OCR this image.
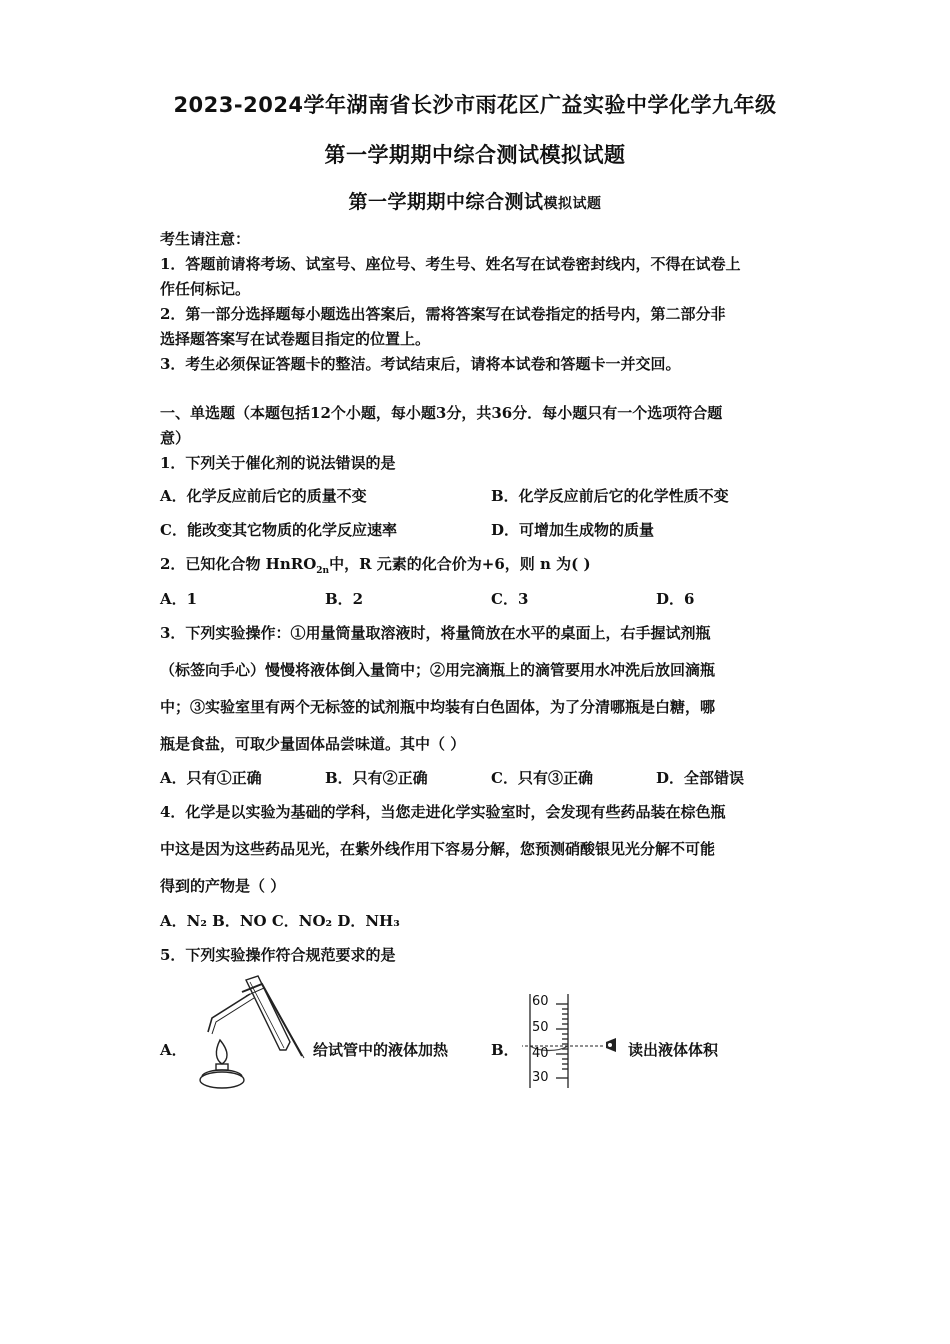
2023-2024学年湖南省长沙市雨花区广益实验中学化学九年级
第一学期期中综合测试模拟试题
第一学期期中综合测试模拟试题
考生请注意：
1．答题前请将考场、试室号、座位号、考生号、姓名写在试卷密封线内，不得在试卷上
作任何标记。
2．第一部分选择题每小题选出答案后，需将答案写在试卷指定的括号内，第二部分非
选择题答案写在试卷题目指定的位置上。
3．考生必须保证答题卡的整洁。考试结束后，请将本试卷和答题卡一并交回。
一、单选题（本题包括12个小题，每小题3分，共36分．每小题只有一个选项符合题
意）
1．下列关于催化剂的说法错误的是
A．化学反应前后它的质量不变	B．化学反应前后它的化学性质不变
C．能改变其它物质的化学反应速率	D．可增加生成物的质量
2．已知化合物 HnRO$_{2n}$中，R 元素的化合价为+6，则 n 为( )
A．1	B．2	C．3	D．6
3．下列实验操作：①用量筒量取溶液时，将量筒放在水平的桌面上，右手握试剂瓶
（标签向手心）慢慢将液体倒入量筒中；②用完滴瓶上的滴管要用水冲洗后放回滴瓶
中；③实验室里有两个无标签的试剂瓶中均装有白色固体，为了分清哪瓶是白糖，哪
瓶是食盐，可取少量固体品尝味道。其中（ ）
A．只有①正确	B．只有②正确	C．只有③正确	D．全部错误
4．化学是以实验为基础的学科，当您走进化学实验室时，会发现有些药品装在棕色瓶
中这是因为这些药品见光，在紫外线作用下容易分解，您预测硝酸银见光分解不可能
得到的产物是（ ）
A．N₂ B．NO C．NO₂ D．NH₃
5．下列实验操作符合规范要求的是
A．	给试管中的液体加热	B．
60
50
40
30
读出液体体积
